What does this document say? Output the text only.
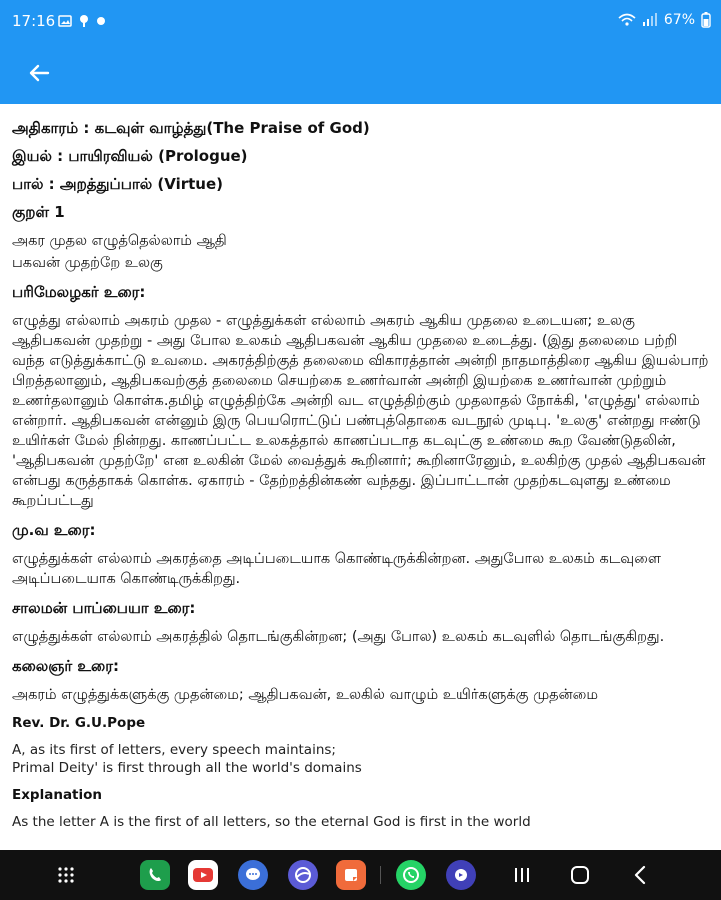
17:16	67%
அதிகாரம் : கடவுள் வாழ்த்து(The Praise of God)
இயல் : பாயிரவியல் (Prologue)
பால் : அறத்துப்பால் (Virtue)
குறள் 1
அகர முதல எழுத்தெல்லாம் ஆதி
பகவன் முதற்றே உலகு
பரிமேலழகர் உரை:
எழுத்து எல்லாம் அகரம் முதல - எழுத்துக்கள் எல்லாம் அகரம் ஆகிய முதலை உடையன; உலகு ஆதிபகவன் முதற்று - அது போல உலகம் ஆதிபகவன் ஆகிய முதலை உடைத்து. (இது தலைமை பற்றி வந்த எடுத்துக்காட்டு உவமை. அகரத்திற்குத் தலைமை விகாரத்தான் அன்றி நாதமாத்திரை ஆகிய இயல்பாற் பிறத்தலானும், ஆதிபகவற்குத் தலைமை செயற்கை உணர்வான் அன்றி இயற்கை உணர்வான் முற்றும் உணர்தலானும் கொள்க.தமிழ் எழுத்திற்கே அன்றி வட எழுத்திற்கும் முதலாதல் நோக்கி, 'எழுத்து' எல்லாம் என்றார். ஆதிபகவன் என்னும் இரு பெயரொட்டுப் பண்புத்தொகை வடநூல் முடிபு. 'உலகு' என்றது ஈண்டு உயிர்கள் மேல் நின்றது. காணப்பட்ட உலகத்தால் காணப்படாத கடவுட்கு உண்மை கூற வேண்டுதலின், 'ஆதிபகவன் முதற்றே' என உலகின் மேல் வைத்துக் கூறினார்; கூறினாரேனும், உலகிற்கு முதல் ஆதிபகவன் என்பது கருத்தாகக் கொள்க. ஏகாரம் - தேற்றத்தின்கண் வந்தது. இப்பாட்டான் முதற்கடவுளது உண்மை கூறப்பட்டது
மு.வ உரை:
எழுத்துக்கள் எல்லாம் அகரத்தை அடிப்படையாக கொண்டிருக்கின்றன. அதுபோல உலகம் கடவுளை அடிப்படையாக கொண்டிருக்கிறது.
சாலமன் பாப்பையா உரை:
எழுத்துக்கள் எல்லாம் அகரத்தில் தொடங்குகின்றன; (அது போல) உலகம் கடவுளில் தொடங்குகிறது.
கலைஞர் உரை:
அகரம் எழுத்துக்களுக்கு முதன்மை; ஆதிபகவன், உலகில் வாழும் உயிர்களுக்கு முதன்மை
Rev. Dr. G.U.Pope
A, as its first of letters, every speech maintains;
Primal Deity' is first through all the world's domains
Explanation
As the letter A is the first of all letters, so the eternal God is first in the world
